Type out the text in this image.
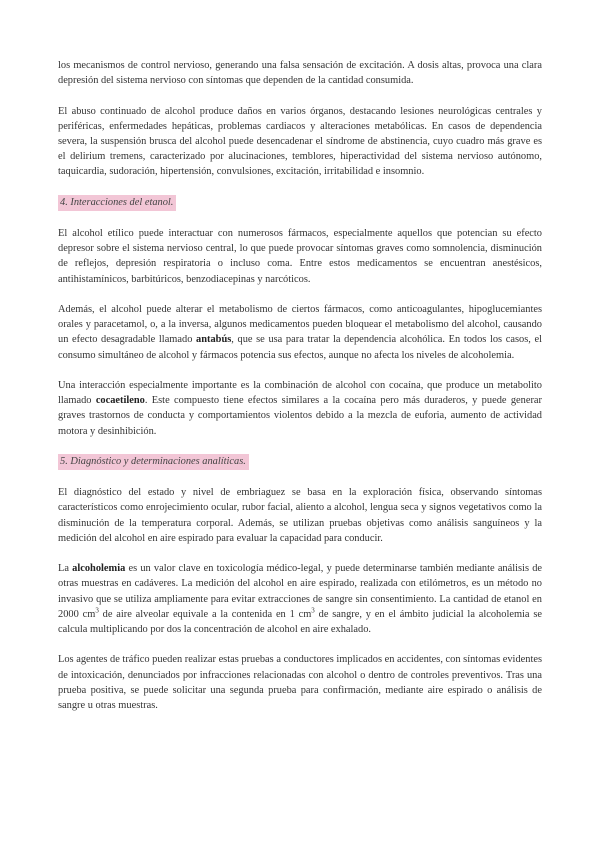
los mecanismos de control nervioso, generando una falsa sensación de excitación. A dosis altas, provoca una clara depresión del sistema nervioso con síntomas que dependen de la cantidad consumida.

El abuso continuado de alcohol produce daños en varios órganos, destacando lesiones neurológicas centrales y periféricas, enfermedades hepáticas, problemas cardiacos y alteraciones metabólicas. En casos de dependencia severa, la suspensión brusca del alcohol puede desencadenar el síndrome de abstinencia, cuyo cuadro más grave es el delirium tremens, caracterizado por alucinaciones, temblores, hiperactividad del sistema nervioso autónomo, taquicardia, sudoración, hipertensión, convulsiones, excitación, irritabilidad e insomnio.

4. Interacciones del etanol.

El alcohol etílico puede interactuar con numerosos fármacos, especialmente aquellos que potencian su efecto depresor sobre el sistema nervioso central, lo que puede provocar síntomas graves como somnolencia, disminución de reflejos, depresión respiratoria o incluso coma. Entre estos medicamentos se encuentran anestésicos, antihistamínicos, barbitúricos, benzodiacepinas y narcóticos.

Además, el alcohol puede alterar el metabolismo de ciertos fármacos, como anticoagulantes, hipoglucemiantes orales y paracetamol, o, a la inversa, algunos medicamentos pueden bloquear el metabolismo del alcohol, causando un efecto desagradable llamado antabús, que se usa para tratar la dependencia alcohólica. En todos los casos, el consumo simultáneo de alcohol y fármacos potencia sus efectos, aunque no afecta los niveles de alcoholemia.

Una interacción especialmente importante es la combinación de alcohol con cocaína, que produce un metabolito llamado cocaetileno. Este compuesto tiene efectos similares a la cocaína pero más duraderos, y puede generar graves trastornos de conducta y comportamientos violentos debido a la mezcla de euforia, aumento de actividad motora y desinhibición.

5. Diagnóstico y determinaciones analíticas.

El diagnóstico del estado y nivel de embriaguez se basa en la exploración física, observando síntomas característicos como enrojecimiento ocular, rubor facial, aliento a alcohol, lengua seca y signos vegetativos como la disminución de la temperatura corporal. Además, se utilizan pruebas objetivas como análisis sanguíneos y la medición del alcohol en aire espirado para evaluar la capacidad para conducir.

La alcoholemia es un valor clave en toxicología médico-legal, y puede determinarse también mediante análisis de otras muestras en cadáveres. La medición del alcohol en aire espirado, realizada con etilómetros, es un método no invasivo que se utiliza ampliamente para evitar extracciones de sangre sin consentimiento. La cantidad de etanol en 2000 $cm^3$ de aire alveolar equivale a la contenida en 1 $cm^3$ de sangre, y en el ámbito judicial la alcoholemia se calcula multiplicando por dos la concentración de alcohol en aire exhalado.

Los agentes de tráfico pueden realizar estas pruebas a conductores implicados en accidentes, con síntomas evidentes de intoxicación, denunciados por infracciones relacionadas con alcohol o dentro de controles preventivos. Tras una prueba positiva, se puede solicitar una segunda prueba para confirmación, mediante aire espirado o análisis de sangre u otras muestras.
